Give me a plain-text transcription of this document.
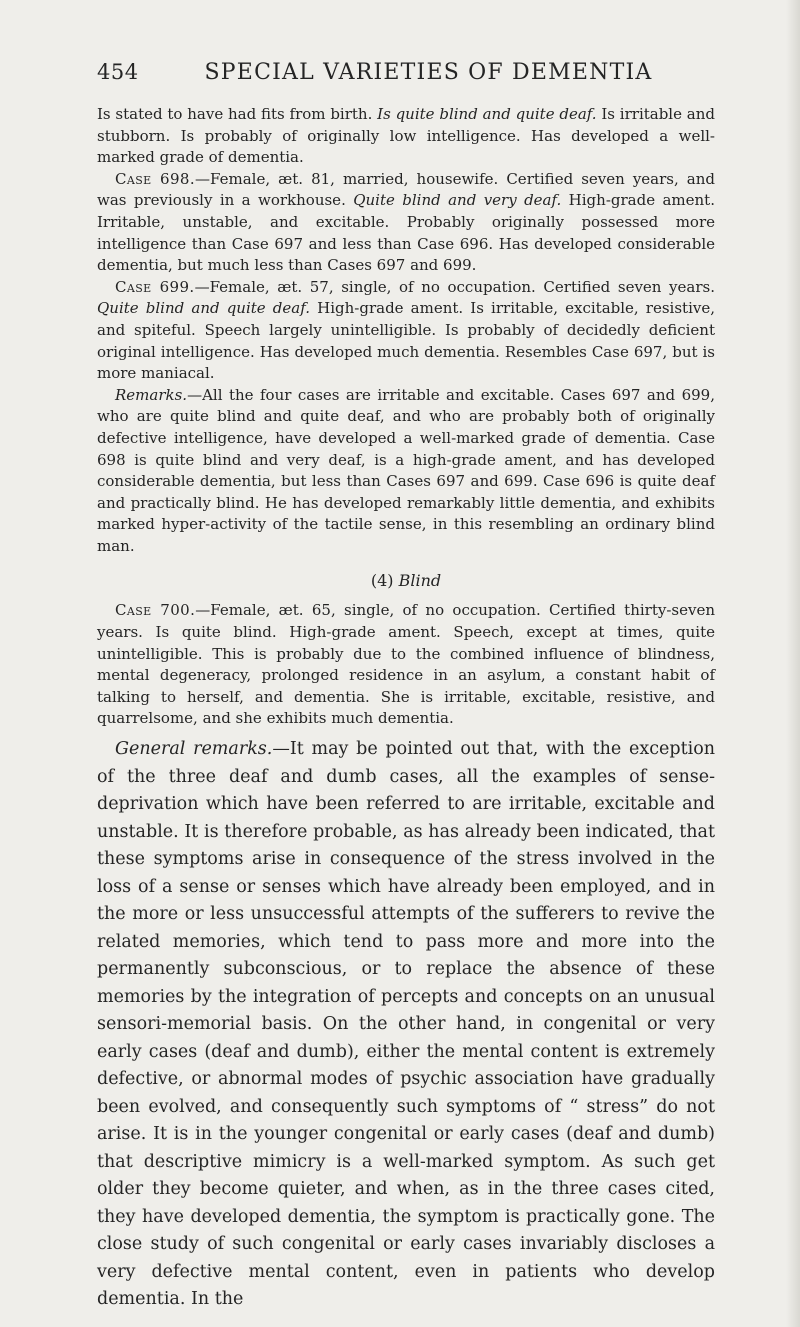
454	SPECIAL VARIETIES OF DEMENTIA

Is stated to have had fits from birth. Is quite blind and quite deaf. Is irritable and stubborn. Is probably of originally low intelligence. Has developed a well-marked grade of dementia.

Case 698.—Female, æt. 81, married, housewife. Certified seven years, and was previously in a workhouse. Quite blind and very deaf. High-grade ament. Irritable, unstable, and excitable. Probably originally possessed more intelligence than Case 697 and less than Case 696. Has developed considerable dementia, but much less than Cases 697 and 699.

Case 699.—Female, æt. 57, single, of no occupation. Certified seven years. Quite blind and quite deaf. High-grade ament. Is irritable, excitable, resistive, and spiteful. Speech largely unintelligible. Is probably of decidedly deficient original intelligence. Has developed much dementia. Resembles Case 697, but is more maniacal.

Remarks.—All the four cases are irritable and excitable. Cases 697 and 699, who are quite blind and quite deaf, and who are probably both of originally defective intelligence, have developed a well-marked grade of dementia. Case 698 is quite blind and very deaf, is a high-grade ament, and has developed considerable dementia, but less than Cases 697 and 699. Case 696 is quite deaf and practically blind. He has developed remarkably little dementia, and exhibits marked hyper-activity of the tactile sense, in this resembling an ordinary blind man.

(4) Blind

Case 700.—Female, æt. 65, single, of no occupation. Certified thirty-seven years. Is quite blind. High-grade ament. Speech, except at times, quite unintelligible. This is probably due to the combined influence of blindness, mental degeneracy, prolonged residence in an asylum, a constant habit of talking to herself, and dementia. She is irritable, excitable, resistive, and quarrelsome, and she exhibits much dementia.

General remarks.—It may be pointed out that, with the exception of the three deaf and dumb cases, all the examples of sense-deprivation which have been referred to are irritable, excitable and unstable. It is therefore probable, as has already been indicated, that these symptoms arise in consequence of the stress involved in the loss of a sense or senses which have already been employed, and in the more or less unsuccessful attempts of the sufferers to revive the related memories, which tend to pass more and more into the permanently subconscious, or to replace the absence of these memories by the integration of percepts and concepts on an unusual sensori-memorial basis. On the other hand, in congenital or very early cases (deaf and dumb), either the mental content is extremely defective, or abnormal modes of psychic association have gradually been evolved, and consequently such symptoms of “ stress” do not arise. It is in the younger congenital or early cases (deaf and dumb) that descriptive mimicry is a well-marked symptom. As such get older they become quieter, and when, as in the three cases cited, they have developed dementia, the symptom is practically gone. The close study of such congenital or early cases invariably discloses a very defective mental content, even in patients who develop dementia. In the
